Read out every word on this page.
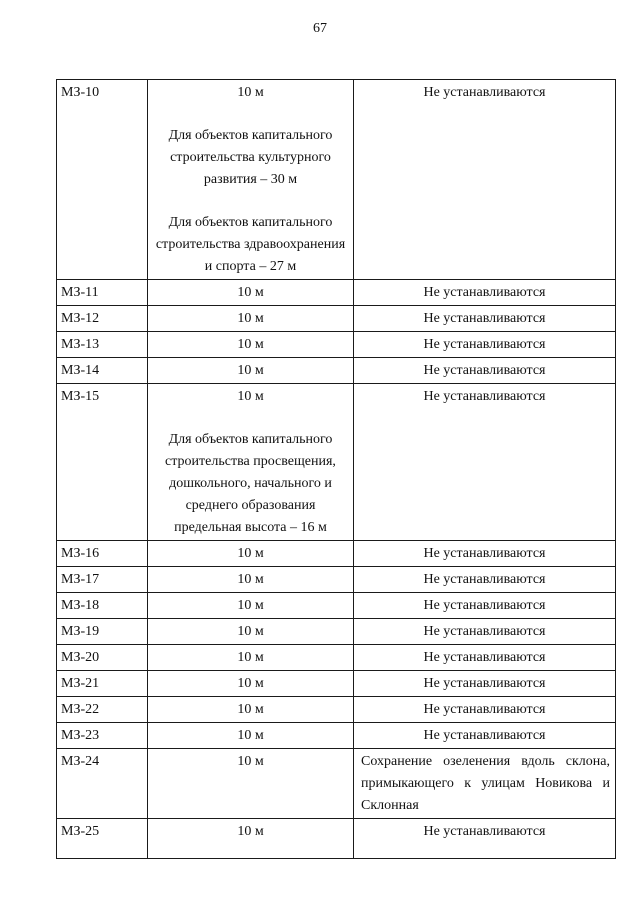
67
МЗ-10	10 м
Для объектов капитального строительства культурного развития – 30 м
Для объектов капитального строительства здравоохранения и спорта – 27 м	Не устанавливаются
МЗ-11	10 м	Не устанавливаются
МЗ-12	10 м	Не устанавливаются
МЗ-13	10 м	Не устанавливаются
МЗ-14	10 м	Не устанавливаются
МЗ-15	10 м
Для объектов капитального строительства просвещения, дошкольного, начального и среднего образования предельная высота – 16 м	Не устанавливаются
МЗ-16	10 м	Не устанавливаются
МЗ-17	10 м	Не устанавливаются
МЗ-18	10 м	Не устанавливаются
МЗ-19	10 м	Не устанавливаются
МЗ-20	10 м	Не устанавливаются
МЗ-21	10 м	Не устанавливаются
МЗ-22	10 м	Не устанавливаются
МЗ-23	10 м	Не устанавливаются
МЗ-24	10 м	Сохранение озеленения вдоль склона, примыкающего к улицам Новикова и Склонная
МЗ-25	10 м	Не устанавливаются
